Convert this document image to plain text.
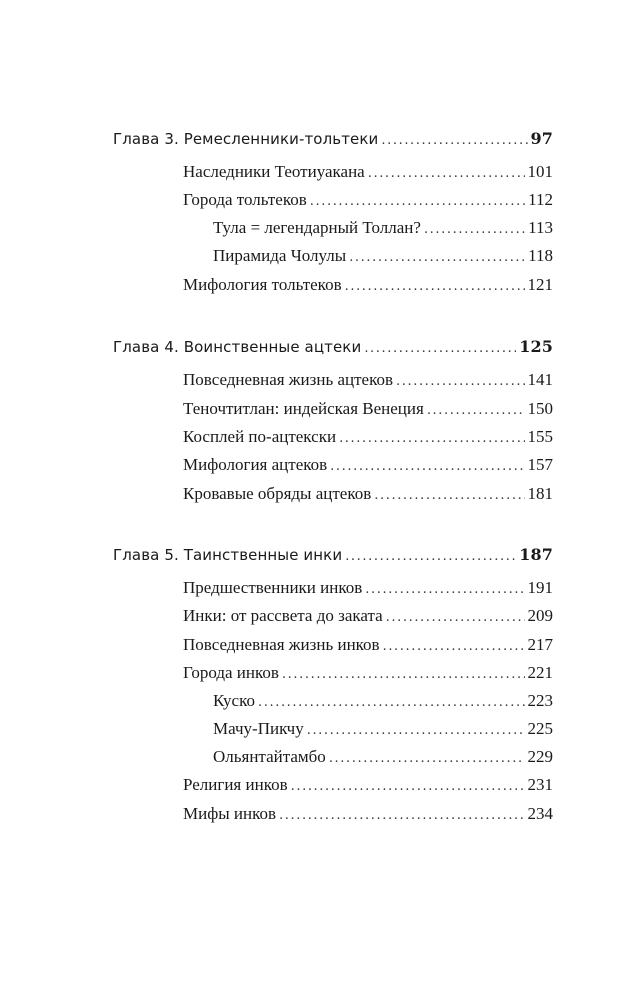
Глава 3. Ремесленники-тольтеки .....	97
Наследники Теотиуакана .....	101
Города тольтеков .....	112
Тула = легендарный Толлан? .....	113
Пирамида Чолулы .....	118
Мифология тольтеков .....	121
Глава 4. Воинственные ацтеки .....	125
Повседневная жизнь ацтеков .....	141
Теночтитлан: индейская Венеция .....	150
Косплей по-ацтекски .....	155
Мифология ацтеков .....	157
Кровавые обряды ацтеков .....	181
Глава 5. Таинственные инки .....	187
Предшественники инков .....	191
Инки: от рассвета до заката .....	209
Повседневная жизнь инков .....	217
Города инков .....	221
Куско .....	223
Мачу-Пикчу .....	225
Ольянтайтамбо .....	229
Религия инков .....	231
Мифы инков .....	234
